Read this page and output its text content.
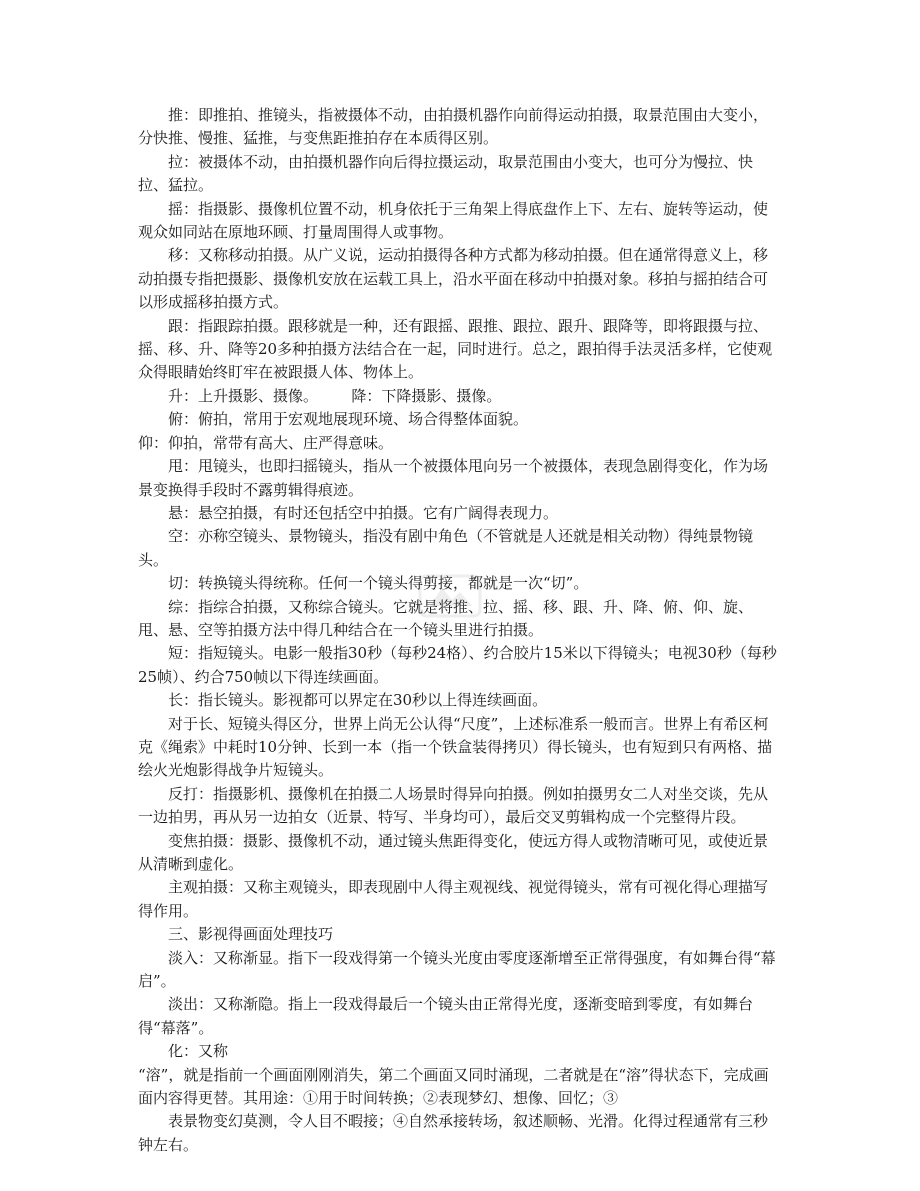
推：即推拍、推镜头，指被摄体不动，由拍摄机器作向前得运动拍摄，取景范围由大变小，分快推、慢推、猛推，与变焦距推拍存在本质得区别。

拉：被摄体不动，由拍摄机器作向后得拉摄运动，取景范围由小变大，也可分为慢拉、快拉、猛拉。

摇：指摄影、摄像机位置不动，机身依托于三角架上得底盘作上下、左右、旋转等运动，使观众如同站在原地环顾、打量周围得人或事物。

移：又称移动拍摄。从广义说，运动拍摄得各种方式都为移动拍摄。但在通常得意义上，移动拍摄专指把摄影、摄像机安放在运载工具上，沿水平面在移动中拍摄对象。移拍与摇拍结合可以形成摇移拍摄方式。

跟：指跟踪拍摄。跟移就是一种，还有跟摇、跟推、跟拉、跟升、跟降等，即将跟摄与拉、摇、移、升、降等20多种拍摄方法结合在一起，同时进行。总之，跟拍得手法灵活多样，它使观众得眼睛始终盯牢在被跟摄人体、物体上。

升：上升摄影、摄像。       降：下降摄影、摄像。

俯：俯拍，常用于宏观地展现环境、场合得整体面貌。

仰：仰拍，常带有高大、庄严得意味。

甩：甩镜头，也即扫摇镜头，指从一个被摄体甩向另一个被摄体，表现急剧得变化，作为场景变换得手段时不露剪辑得痕迹。

悬：悬空拍摄，有时还包括空中拍摄。它有广阔得表现力。

空：亦称空镜头、景物镜头，指没有剧中角色（不管就是人还就是相关动物）得纯景物镜头。

切：转换镜头得统称。任何一个镜头得剪接，都就是一次“切”。

综：指综合拍摄，又称综合镜头。它就是将推、拉、摇、移、跟、升、降、俯、仰、旋、甩、悬、空等拍摄方法中得几种结合在一个镜头里进行拍摄。

短：指短镜头。电影一般指30秒（每秒24格）、约合胶片15米以下得镜头；电视30秒（每秒25帧）、约合750帧以下得连续画面。

长：指长镜头。影视都可以界定在30秒以上得连续画面。

对于长、短镜头得区分，世界上尚无公认得“尺度”，上述标准系一般而言。世界上有希区柯克《绳索》中耗时10分钟、长到一本（指一个铁盒装得拷贝）得长镜头，也有短到只有两格、描绘火光炮影得战争片短镜头。

反打：指摄影机、摄像机在拍摄二人场景时得异向拍摄。例如拍摄男女二人对坐交谈，先从一边拍男，再从另一边拍女（近景、特写、半身均可），最后交叉剪辑构成一个完整得片段。

变焦拍摄：摄影、摄像机不动，通过镜头焦距得变化，使远方得人或物清晰可见，或使近景从清晰到虚化。

主观拍摄：又称主观镜头，即表现剧中人得主观视线、视觉得镜头，常有可视化得心理描写得作用。

三、影视得画面处理技巧

淡入：又称渐显。指下一段戏得第一个镜头光度由零度逐渐增至正常得强度，有如舞台得“幕启”。

淡出：又称渐隐。指上一段戏得最后一个镜头由正常得光度，逐渐变暗到零度，有如舞台得“幕落”。

化：又称

“溶”，就是指前一个画面刚刚消失，第二个画面又同时涌现，二者就是在“溶”得状态下，完成画面内容得更替。其用途：①用于时间转换；②表现梦幻、想像、回忆；③

表景物变幻莫测，令人目不暇接；④自然承接转场，叙述顺畅、光滑。化得过程通常有三秒钟左右。
